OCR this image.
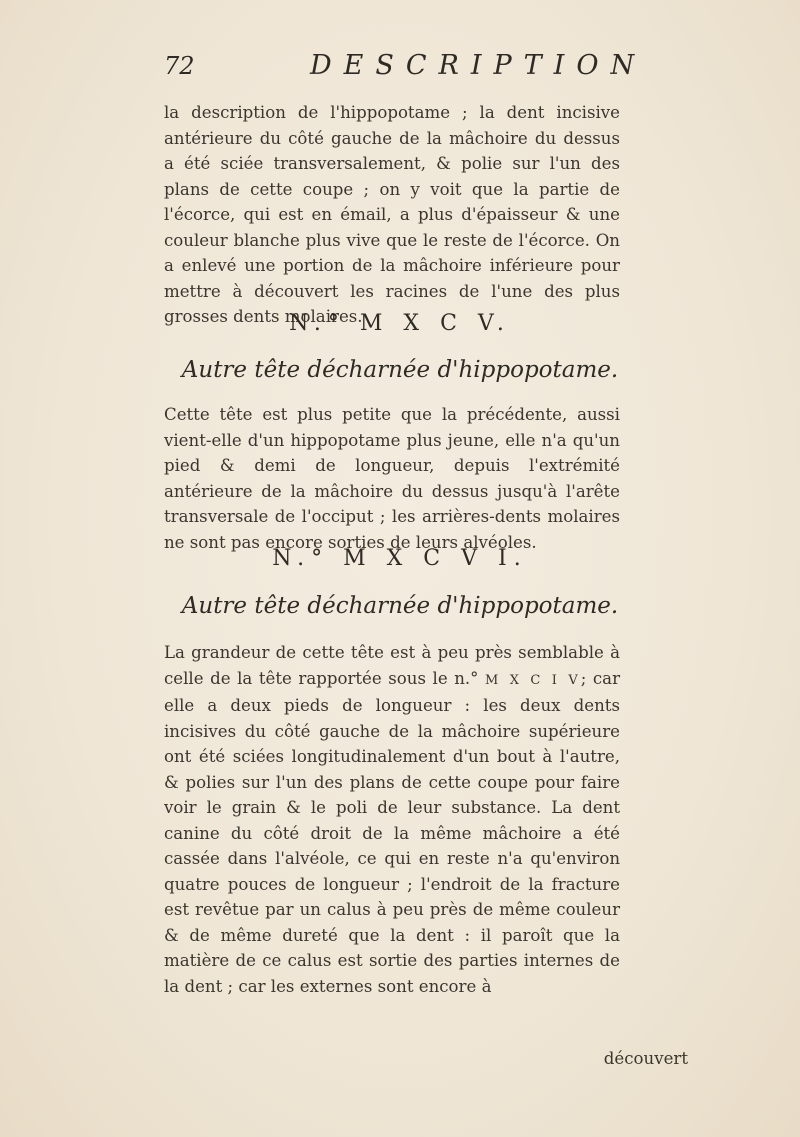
72	DESCRIPTION

la description de l'hippopotame ; la dent incisive antérieure du côté gauche de la mâchoire du dessus a été sciée transversalement, & polie sur l'un des plans de cette coupe ; on y voit que la partie de l'écorce, qui est en émail, a plus d'épaisseur & une couleur blanche plus vive que le reste de l'écorce. On a enlevé une portion de la mâchoire inférieure pour mettre à découvert les racines de l'une des plus grosses dents molaires.

N.° M X C V.

Autre tête décharnée d'hippopotame.

Cette tête est plus petite que la précédente, aussi vient-elle d'un hippopotame plus jeune, elle n'a qu'un pied & demi de longueur, depuis l'extrémité antérieure de la mâchoire du dessus jusqu'à l'arête transversale de l'occiput ; les arrières-dents molaires ne sont pas encore sorties de leurs alvéoles.

N.° M X C V I.

Autre tête décharnée d'hippopotame.

La grandeur de cette tête est à peu près semblable à celle de la tête rapportée sous le n.° M X C I V; car elle a deux pieds de longueur : les deux dents incisives du côté gauche de la mâchoire supérieure ont été sciées longitudinalement d'un bout à l'autre, & polies sur l'un des plans de cette coupe pour faire voir le grain & le poli de leur substance. La dent canine du côté droit de la même mâchoire a été cassée dans l'alvéole, ce qui en reste n'a qu'environ quatre pouces de longueur ; l'endroit de la fracture est revêtue par un calus à peu près de même couleur & de même dureté que la dent : il paroît que la matière de ce calus est sortie des parties internes de la dent ; car les externes sont encore à

découvert
